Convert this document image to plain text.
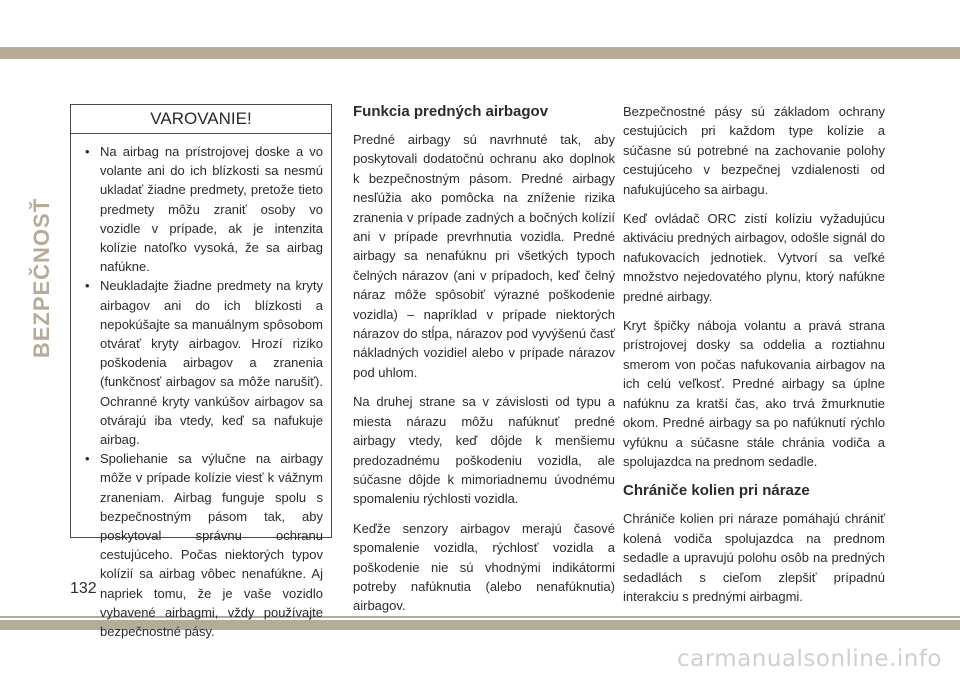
BEZPEČNOSŤ
VAROVANIE!
• Na airbag na prístrojovej doske a vo volante ani do ich blízkosti sa nesmú ukladať žiadne predmety, pretože tieto predmety môžu zraniť osoby vo vozidle v prípade, ak je intenzita kolízie natoľko vysoká, že sa airbag nafúkne.
• Neukladajte žiadne predmety na kryty airbagov ani do ich blízkosti a nepokúšajte sa manuálnym spôsobom otvárať kryty airbagov. Hrozí riziko poškodenia airbagov a zranenia (funkčnosť airbagov sa môže narušiť). Ochranné kryty vankúšov airbagov sa otvárajú iba vtedy, keď sa nafukuje airbag.
• Spoliehanie sa výlučne na airbagy môže v prípade kolízie viesť k vážnym zraneniam. Airbag funguje spolu s bezpečnostným pásom tak, aby poskytoval správnu ochranu cestujúceho. Počas niektorých typov kolízií sa airbag vôbec nenafúkne. Aj napriek tomu, že je vaše vozidlo vybavené airbagmi, vždy používajte bezpečnostné pásy.
Funkcia predných airbagov

Predné airbagy sú navrhnuté tak, aby poskytovali dodatočnú ochranu ako doplnok k bezpečnostným pásom. Predné airbagy nesľúžia ako pomôcka na zníženie rizika zranenia v prípade zadných a bočných kolízií ani v prípade prevrhnutia vozidla. Predné airbagy sa nenafúknu pri všetkých typoch čelných nárazov (ani v prípadoch, keď čelný náraz môže spôsobiť výrazné poškodenie vozidla) – napríklad v prípade niektorých nárazov do stĺpa, nárazov pod vyvýšenú časť nákladných vozidiel alebo v prípade nárazov pod uhlom.

Na druhej strane sa v závislosti od typu a miesta nárazu môžu nafúknuť predné airbagy vtedy, keď dôjde k menšiemu predozadnému poškodeniu vozidla, ale súčasne dôjde k mimoriadnemu úvodnému spomaleniu rýchlosti vozidla.

Keďže senzory airbagov merajú časové spomalenie vozidla, rýchlosť vozidla a poškodenie nie sú vhodnými indikátormi potreby nafúknutia (alebo nenafúknutia) airbagov.

Bezpečnostné pásy sú základom ochrany cestujúcich pri každom type kolízie a súčasne sú potrebné na zachovanie polohy cestujúceho v bezpečnej vzdialenosti od nafukujúceho sa airbagu.

Keď ovládač ORC zistí kolíziu vyžadujúcu aktiváciu predných airbagov, odošle signál do nafukovacích jednotiek. Vytvorí sa veľké množstvo nejedovatého plynu, ktorý nafúkne predné airbagy.

Kryt špičky náboja volantu a pravá strana prístrojovej dosky sa oddelia a roztiahnu smerom von počas nafukovania airbagov na ich celú veľkosť. Predné airbagy sa úplne nafúknu za kratší čas, ako trvá žmurknutie okom. Predné airbagy sa po nafúknutí rýchlo vyfúknu a súčasne stále chránia vodiča a spolujazdca na prednom sedadle.

Chrániče kolien pri náraze

Chrániče kolien pri náraze pomáhajú chrániť kolená vodiča spolujazdca na prednom sedadle a upravujú polohu osôb na predných sedadlách s cieľom zlepšiť prípadnú interakciu s prednými airbagmi.

132
carmanualsonline.info
